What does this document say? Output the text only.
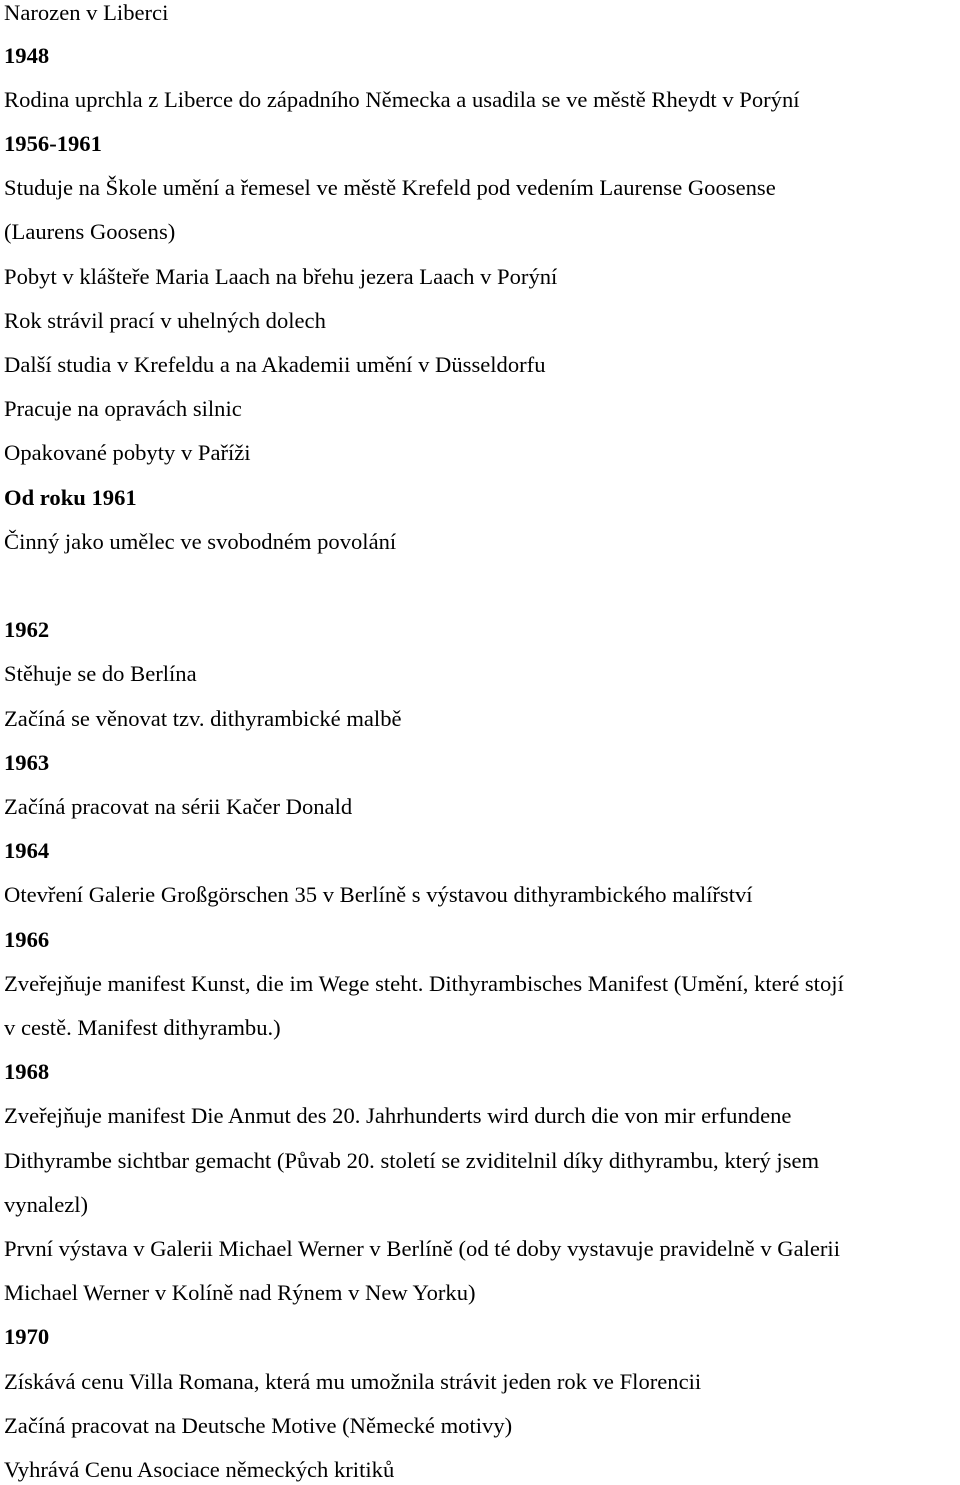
Narozen v Liberci
1948
Rodina uprchla z Liberce do západního Německa a usadila se ve městě Rheydt v Porýní
1956-1961
Studuje na Škole umění a řemesel ve městě Krefeld pod vedením Laurense Goosense
(Laurens Goosens)
Pobyt v klášteře Maria Laach na břehu jezera Laach v Porýní
Rok strávil prací v uhelných dolech
Další studia v Krefeldu a na Akademii umění v Düsseldorfu
Pracuje na opravách silnic
Opakované pobyty v Paříži
Od roku 1961
Činný jako umělec ve svobodném povolání
1962
Stěhuje se do Berlína
Začíná se věnovat tzv. dithyrambické malbě
1963
Začíná pracovat na sérii Kačer Donald
1964
Otevření Galerie Großgörschen 35 v Berlíně s výstavou dithyrambického malířství
1966
Zveřejňuje manifest Kunst, die im Wege steht. Dithyrambisches Manifest (Umění, které stojí
v cestě. Manifest dithyrambu.)
1968
Zveřejňuje manifest Die Anmut des 20. Jahrhunderts wird durch die von mir erfundene
Dithyrambe sichtbar gemacht (Půvab 20. století se zviditelnil díky dithyrambu, který jsem
vynalezl)
První výstava v Galerii Michael Werner v Berlíně (od té doby vystavuje pravidelně v Galerii
Michael Werner v Kolíně nad Rýnem v New Yorku)
1970
Získává cenu Villa Romana, která mu umožnila strávit jeden rok ve Florencii
Začíná pracovat na Deutsche Motive (Německé motivy)
Vyhrává Cenu Asociace německých kritiků
